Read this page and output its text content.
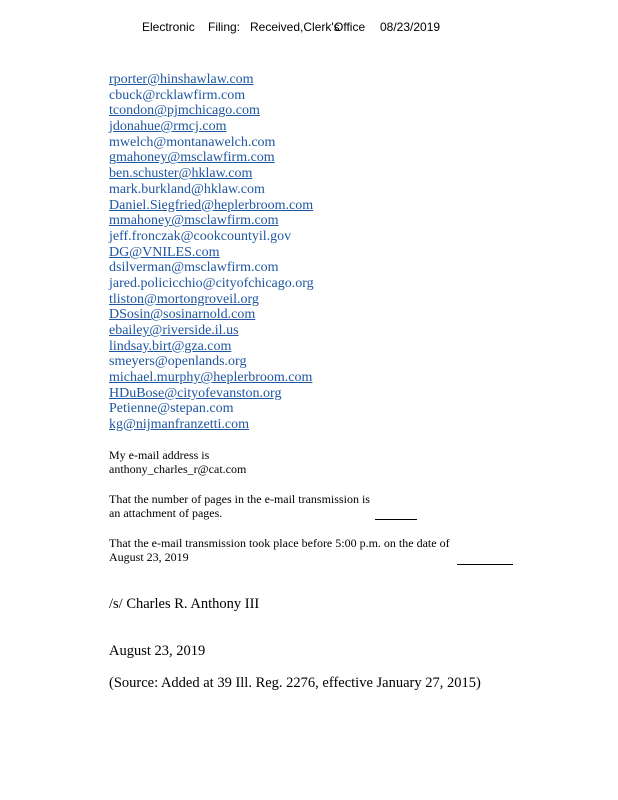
Electronic Filing: Received,Clerk'sOffice 08/23/2019
rporter@hinshawlaw.com
cbuck@rcklawfirm.com
tcondon@pjmchicago.com
jdonahue@rmcj.com
mwelch@montanawelch.com
gmahoney@msclawfirm.com
ben.schuster@hklaw.com
mark.burkland@hklaw.com
Daniel.Siegfried@heplerbroom.com
mmahoney@msclawfirm.com
jeff.fronczak@cookcountyil.gov
DG@VNILES.com
dsilverman@msclawfirm.com
jared.policicchio@cityofchicago.org
tliston@mortongroveil.org
DSosin@sosinarnold.com
ebailey@riverside.il.us
lindsay.birt@gza.com
smeyers@openlands.org
michael.murphy@heplerbroom.com
HDuBose@cityofevanston.org
Petienne@stepan.com
kg@nijmanfranzetti.com
My e-mail address is
anthony_charles_r@cat.com
That the number of pages in the e-mail transmission is
an attachment of pages.
That the e-mail transmission took place before 5:00 p.m. on the date of
August 23, 2019
/s/ Charles R. Anthony III
August 23, 2019
(Source: Added at 39 Ill. Reg. 2276, effective January 27, 2015)
